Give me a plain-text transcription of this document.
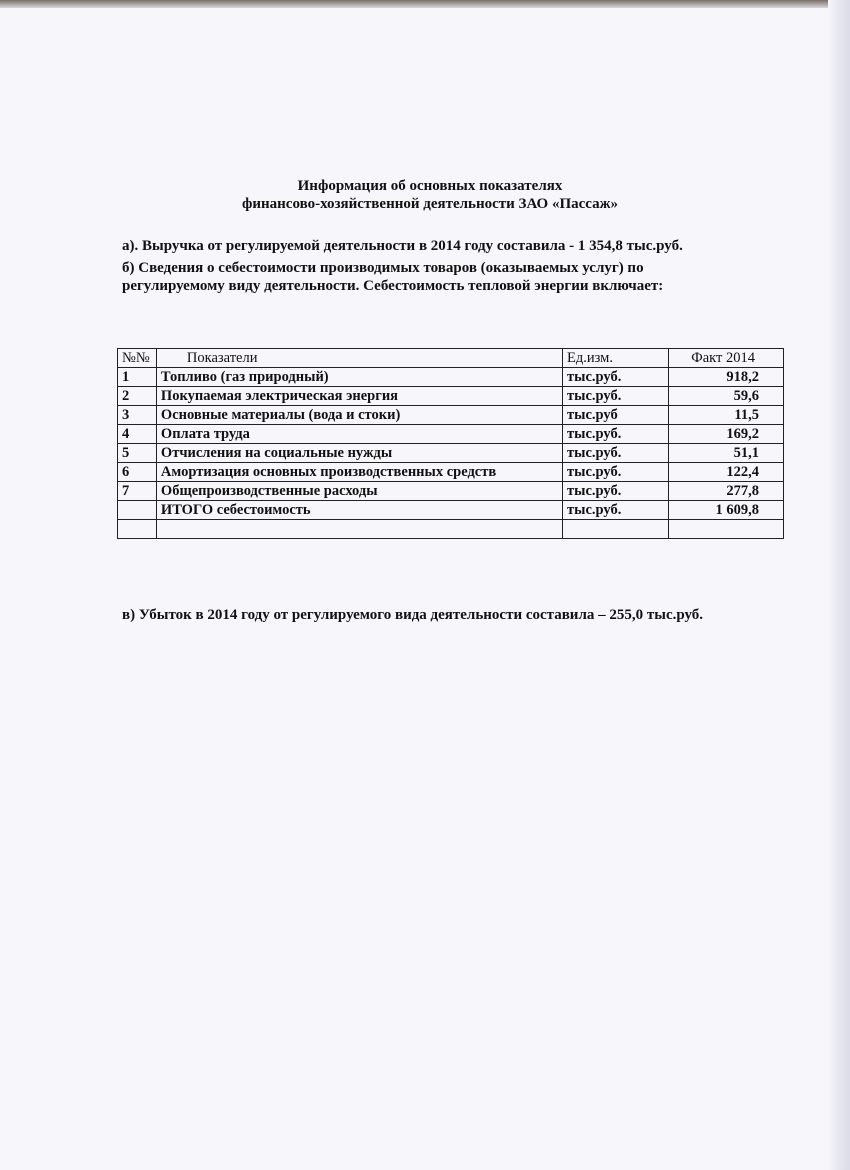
Информация об основных показателях
финансово-хозяйственной деятельности ЗАО «Пассаж»
а). Выручка от регулируемой деятельности в 2014 году составила - 1 354,8 тыс.руб.
б) Сведения о себестоимости производимых товаров (оказываемых услуг) по
регулируемому виду деятельности. Себестоимость тепловой энергии включает:
№№	Показатели	Ед.изм.	Факт 2014
1	Топливо (газ природный)	тыс.руб.	918,2
2	Покупаемая электрическая энергия	тыс.руб.	59,6
3	Основные материалы (вода и стоки)	тыс.руб	11,5
4	Оплата труда	тыс.руб.	169,2
5	Отчисления на социальные нужды	тыс.руб.	51,1
6	Амортизация основных производственных средств	тыс.руб.	122,4
7	Общепроизводственные расходы	тыс.руб.	277,8
	ИТОГО себестоимость	тыс.руб.	1 609,8

в) Убыток в 2014 году от регулируемого вида деятельности составила – 255,0 тыс.руб.
